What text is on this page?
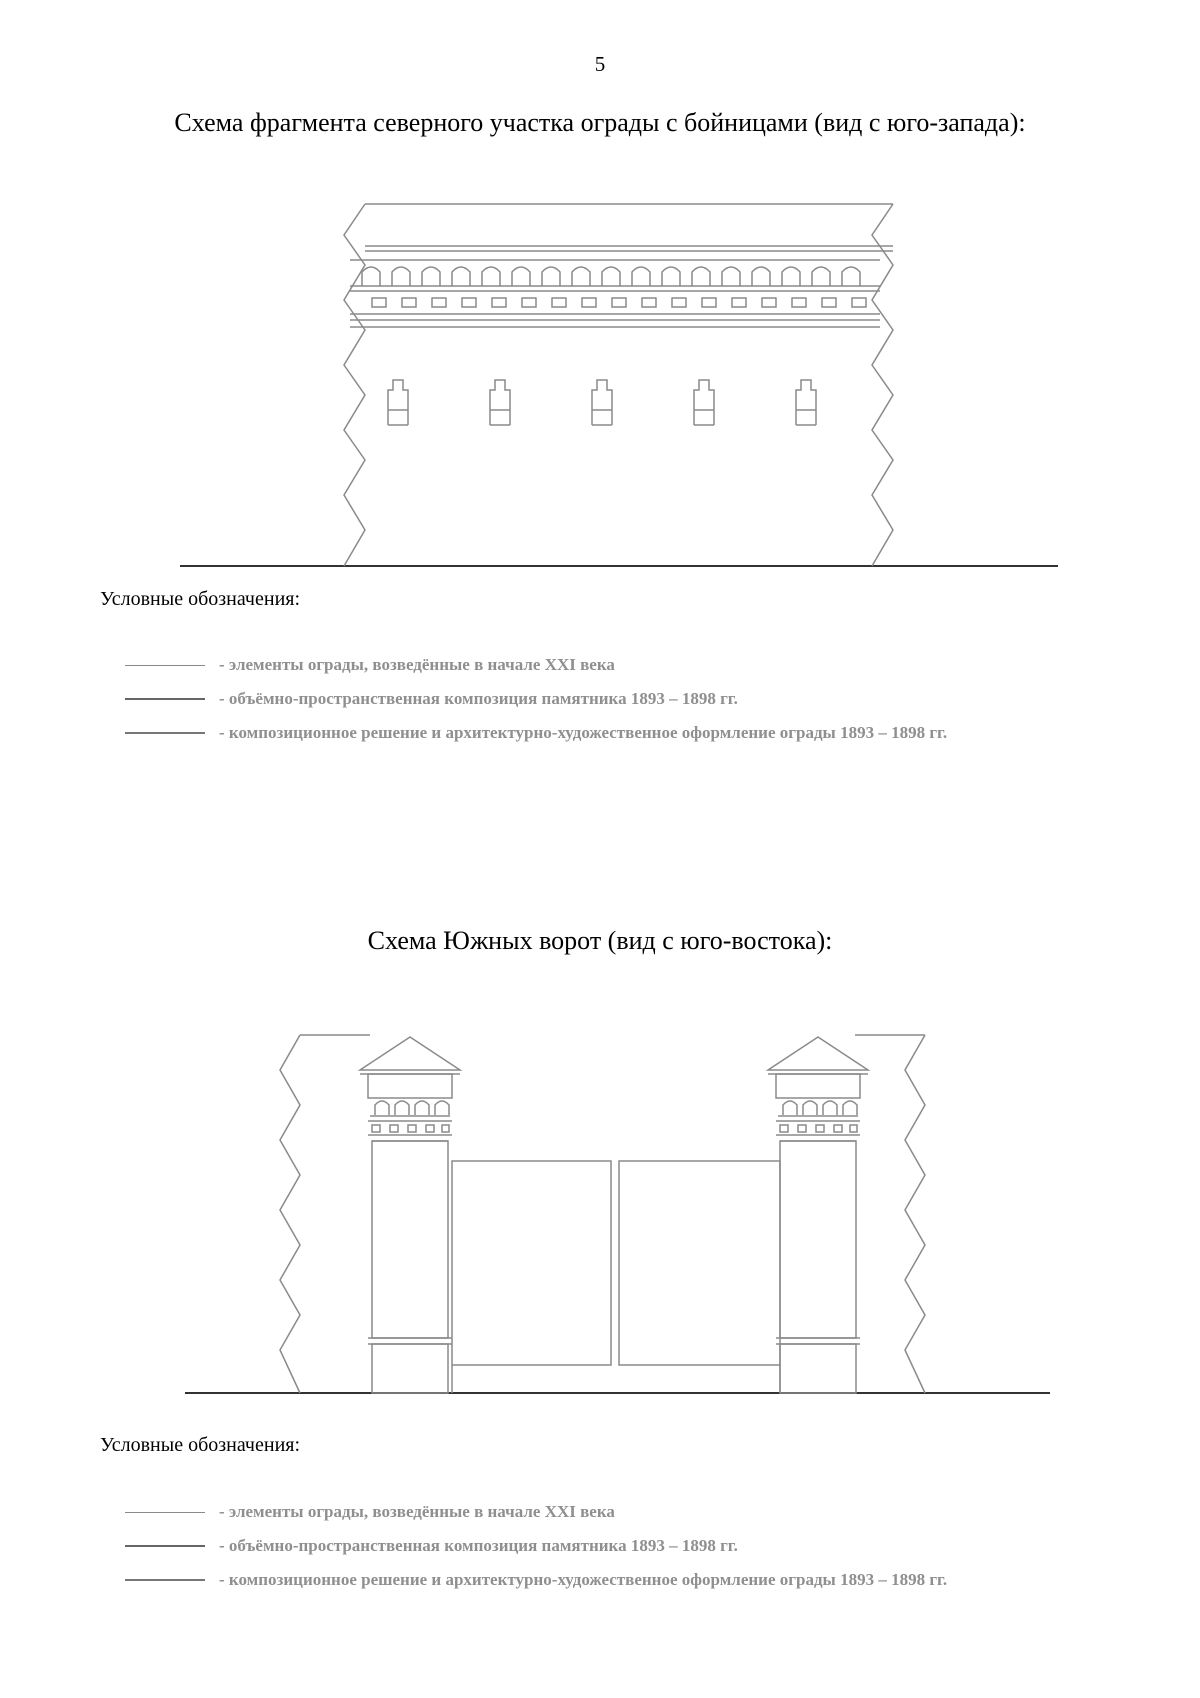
5
Схема фрагмента северного участка ограды с бойницами (вид с юго-запада):
Условные обозначения:
- элементы ограды, возведённые в начале XXI века
- объёмно-пространственная композиция памятника 1893 – 1898 гг.
- композиционное решение и архитектурно-художественное оформление ограды 1893 – 1898 гг.
Схема Южных ворот (вид с юго-востока):
Условные обозначения:
- элементы ограды, возведённые в начале XXI века
- объёмно-пространственная композиция памятника 1893 – 1898 гг.
- композиционное решение и архитектурно-художественное оформление ограды 1893 – 1898 гг.
